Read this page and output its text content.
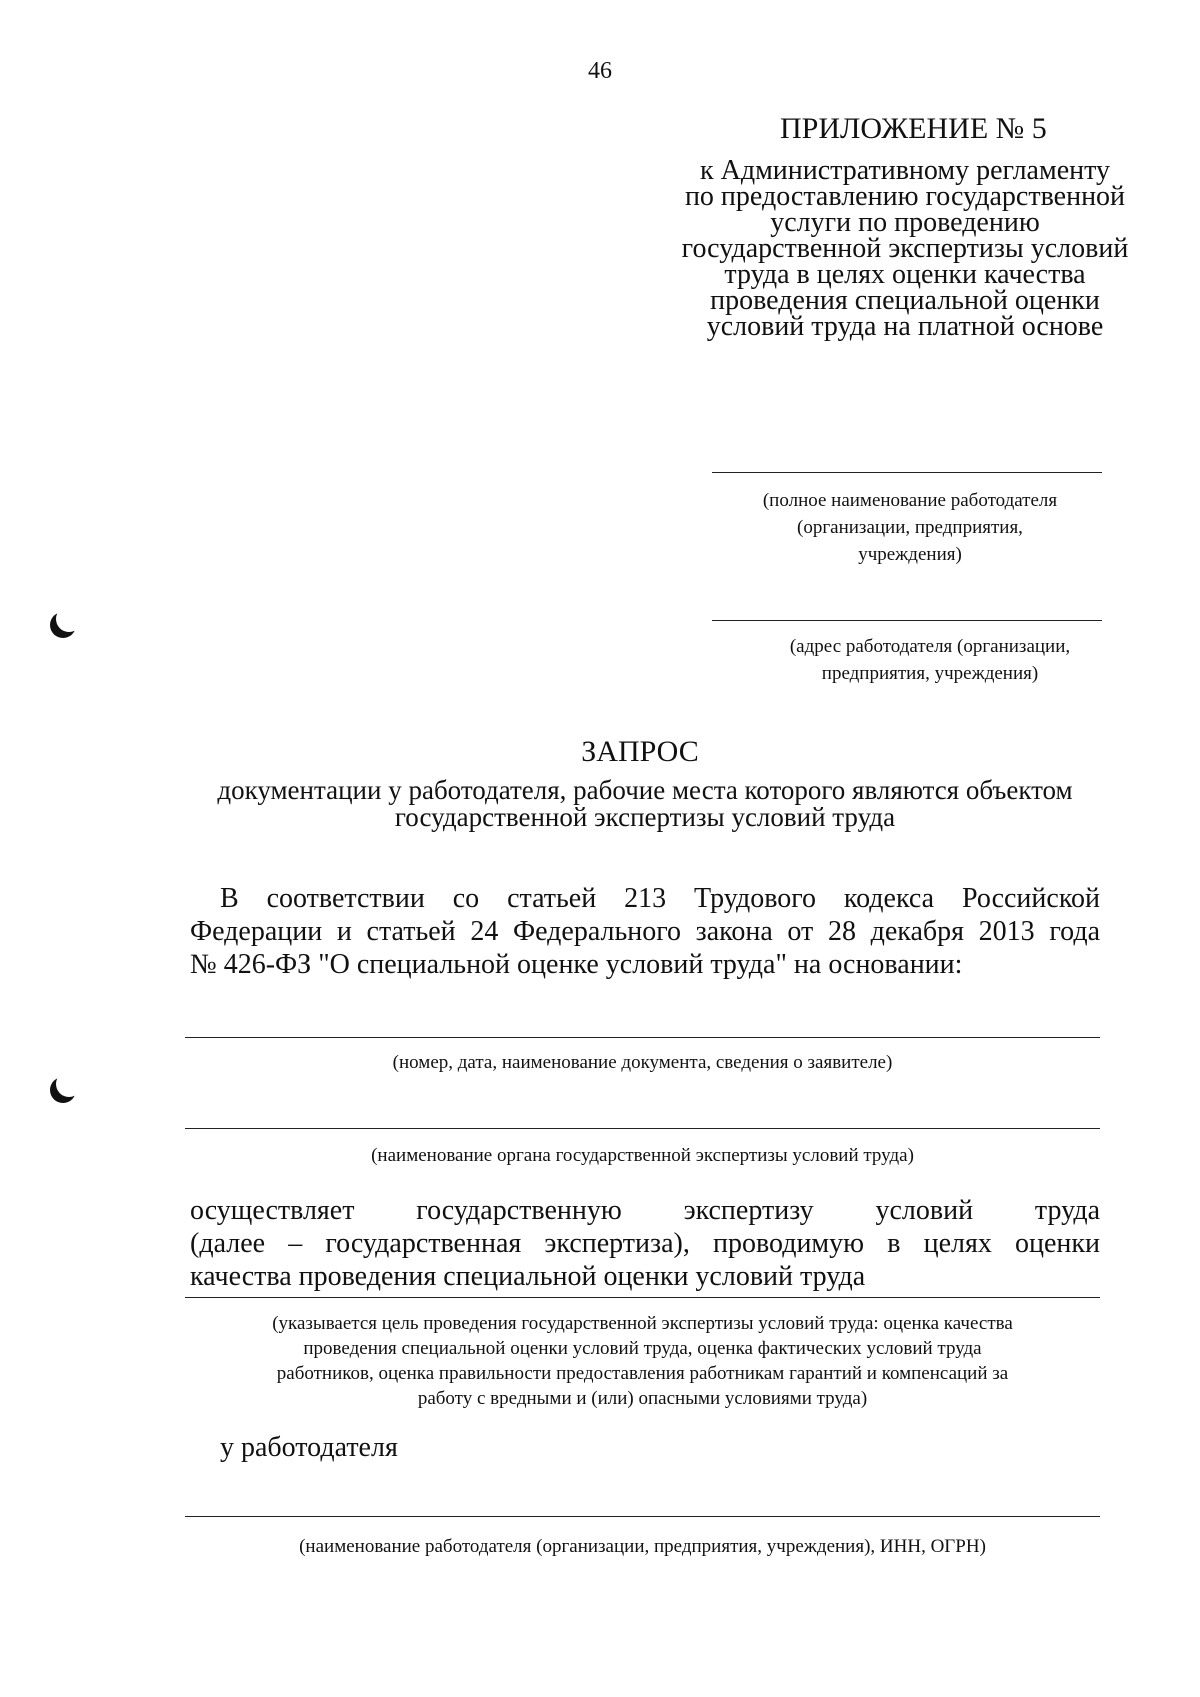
46
ПРИЛОЖЕНИЕ № 5
к Административному регламенту
по предоставлению государственной
услуги по проведению
государственной экспертизы условий
труда в целях оценки качества
проведения специальной оценки
условий труда на платной основе
(полное наименование работодателя
(организации, предприятия,
учреждения)
(адрес работодателя (организации,
предприятия, учреждения)
ЗАПРОС
документации у работодателя, рабочие места которого являются объектом
государственной экспертизы условий труда
В соответствии со статьей 213 Трудового кодекса Российской
Федерации и статьей 24 Федерального закона от 28 декабря 2013 года
№ 426-ФЗ "О специальной оценке условий труда" на основании:
(номер, дата, наименование документа, сведения о заявителе)
(наименование органа государственной экспертизы условий труда)
осуществляет государственную экспертизу условий труда
(далее – государственная экспертиза), проводимую в целях оценки
качества проведения специальной оценки условий труда
(указывается цель проведения государственной экспертизы условий труда: оценка качества
проведения специальной оценки условий труда, оценка фактических условий труда
работников, оценка правильности предоставления работникам гарантий и компенсаций за
работу с вредными и (или) опасными условиями труда)
у работодателя
(наименование работодателя (организации, предприятия, учреждения), ИНН, ОГРН)
